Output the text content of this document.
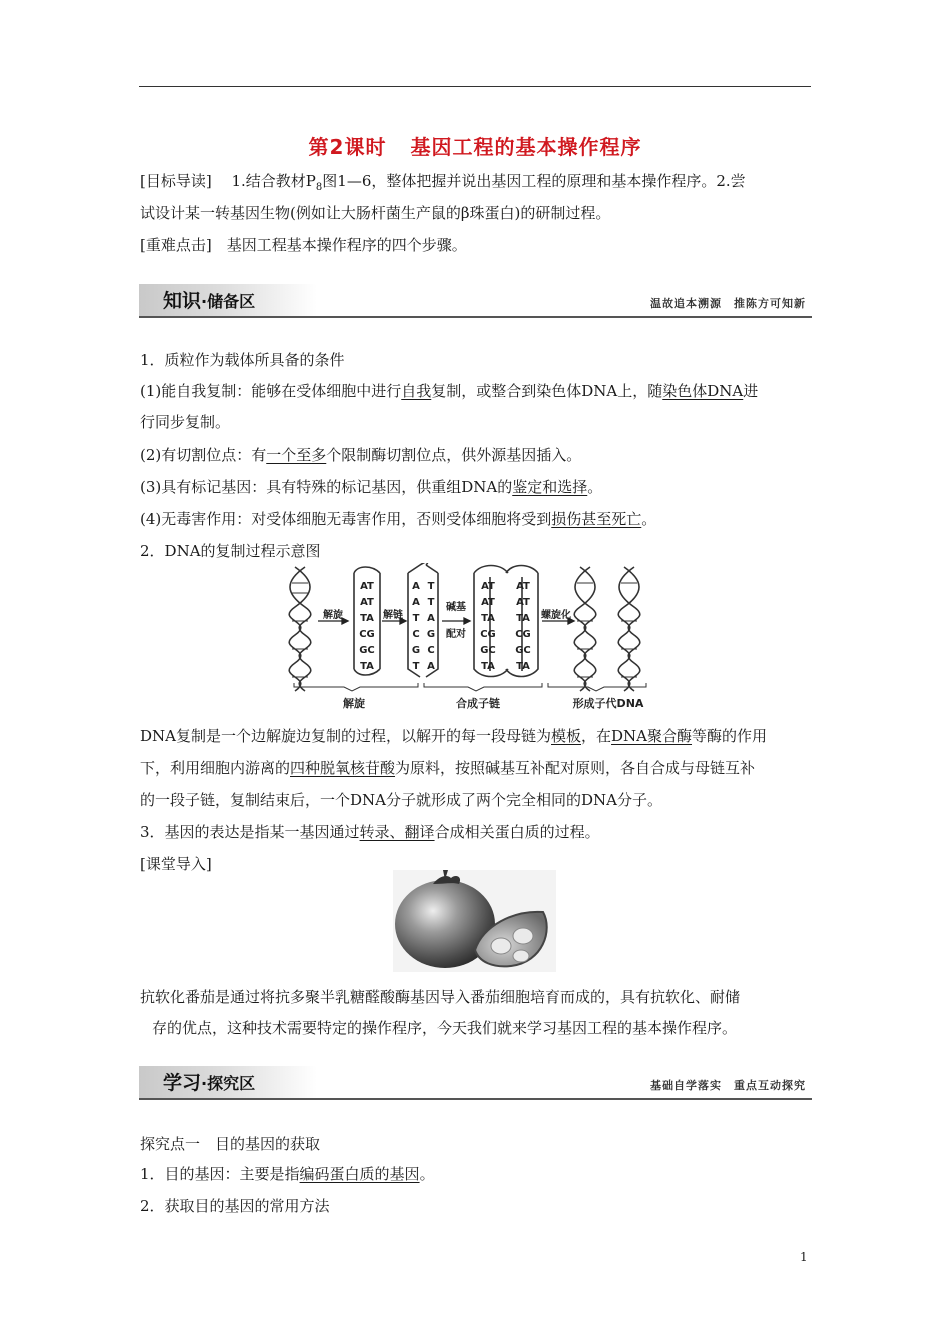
第2课时 基因工程的基本操作程序
[目标导读]　 1.结合教材$P_8$图1—6，整体把握并说出基因工程的原理和基本操作程序。2.尝
试设计某一转基因生物(例如让大肠杆菌生产鼠的β珠蛋白)的研制过程。
[重难点击]　 基因工程基本操作程序的四个步骤。
知识·储备区	温故追本溯源　推陈方可知新
1．质粒作为载体所具备的条件
(1)能自我复制：能够在受体细胞中进行自我复制，或整合到染色体DNA上，随染色体DNA进
行同步复制。
(2)有切割位点：有一个至多个限制酶切割位点，供外源基因插入。
(3)具有标记基因：具有特殊的标记基因，供重组DNA的鉴定和选择。
(4)无毒害作用：对受体细胞无毒害作用，否则受体细胞将受到损伤甚至死亡。
2．DNA的复制过程示意图
AT
AT
TA
CG
GC
TA
A
A
T
C
G
T
T
T
A
G
C
A
AT
AT
TA
CG
GC
TA
AT
AT
TA
CG
GC
TA
解旋	解链
碱基
配对
螺旋化
解旋	合成子链	形成子代DNA
DNA复制是一个边解旋边复制的过程，以解开的每一段母链为模板，在DNA聚合酶等酶的作用
下，利用细胞内游离的四种脱氧核苷酸为原料，按照碱基互补配对原则，各自合成与母链互补
的一段子链，复制结束后，一个DNA分子就形成了两个完全相同的DNA分子。
3．基因的表达是指某一基因通过转录、翻译合成相关蛋白质的过程。
[课堂导入]
抗软化番茄是通过将抗多聚半乳糖醛酸酶基因导入番茄细胞培育而成的，具有抗软化、耐储
存的优点，这种技术需要特定的操作程序，今天我们就来学习基因工程的基本操作程序。
学习·探究区	基础自学落实　重点互动探究
探究点一　目的基因的获取
1．目的基因：主要是指编码蛋白质的基因。
2．获取目的基因的常用方法
1
